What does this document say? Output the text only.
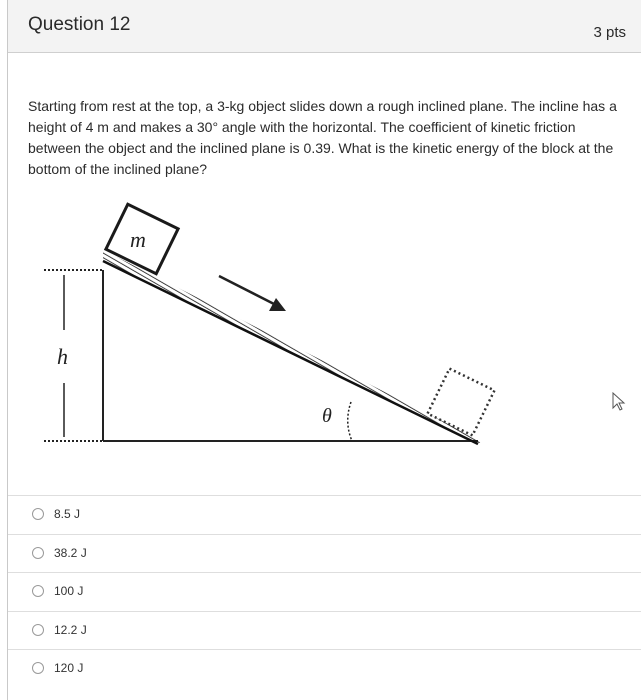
Question 12	3 pts
Starting from rest at the top, a 3-kg object slides down a rough inclined plane. The incline has a height of 4 m and makes a 30° angle with the horizontal. The coefficient of kinetic friction between the object and the inclined plane is 0.39. What is the kinetic energy of the block at the bottom of the inclined plane?
h
m
θ
8.5 J
38.2 J
100 J
12.2 J
120 J
